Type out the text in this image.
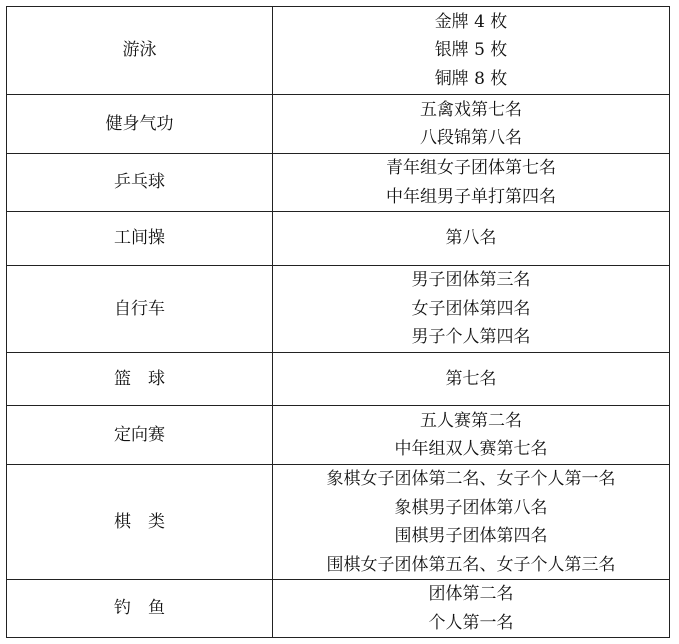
游泳	金牌 4 枚
银牌 5 枚
铜牌 8 枚

健身气功	五禽戏第七名
八段锦第八名

乒乓球	青年组女子团体第七名
中年组男子单打第四名

工间操	第八名

自行车	男子团体第三名
女子团体第四名
男子个人第四名

篮　球	第七名

定向赛	五人赛第二名
中年组双人赛第七名

棋　类	象棋女子团体第二名、女子个人第一名
象棋男子团体第八名
围棋男子团体第四名
围棋女子团体第五名、女子个人第三名

钓　鱼	团体第二名
个人第一名
